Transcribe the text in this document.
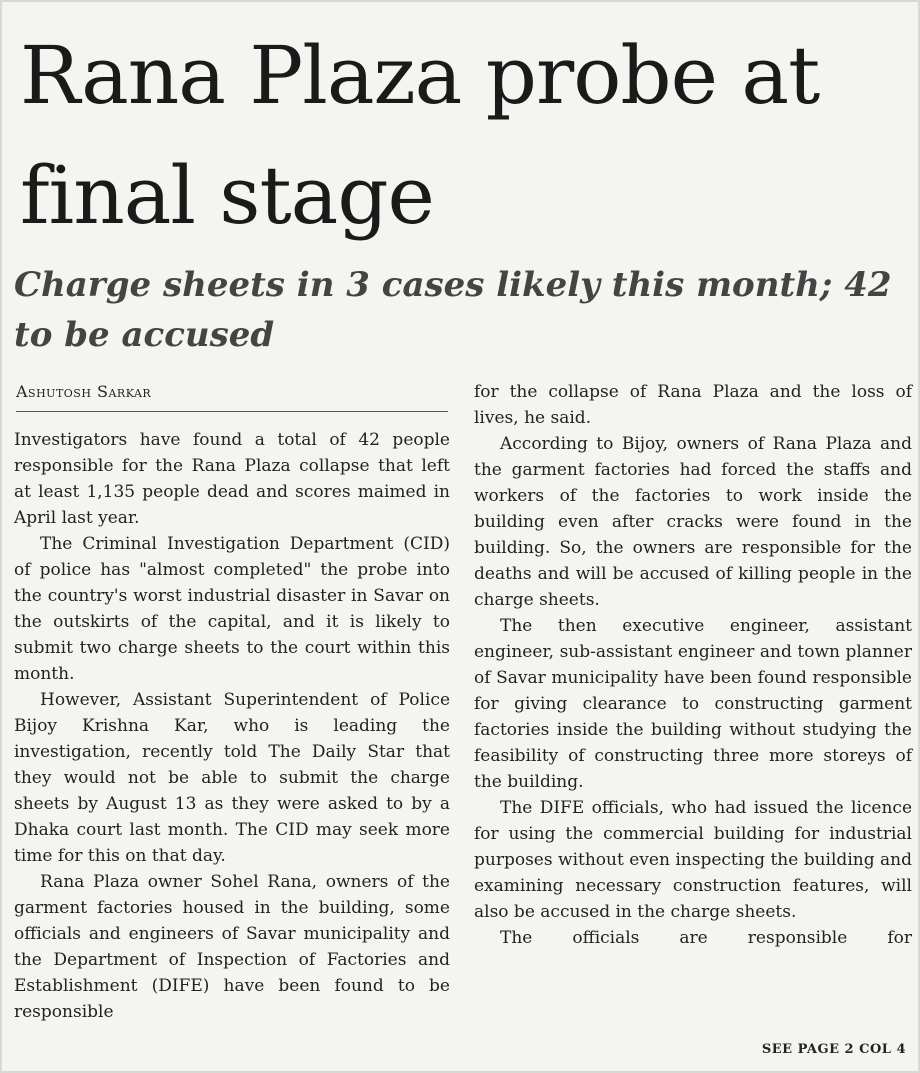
Rana Plaza probe at final stage
Charge sheets in 3 cases likely this month; 42 to be accused
Ashutosh Sarkar

Investigators have found a total of 42 people responsible for the Rana Plaza collapse that left at least 1,135 people dead and scores maimed in April last year.

The Criminal Investigation Department (CID) of police has "almost completed" the probe into the country's worst industrial disaster in Savar on the outskirts of the capital, and it is likely to submit two charge sheets to the court within this month.

However, Assistant Superintendent of Police Bijoy Krishna Kar, who is leading the investigation, recently told The Daily Star that they would not be able to submit the charge sheets by August 13 as they were asked to by a Dhaka court last month. The CID may seek more time for this on that day.

Rana Plaza owner Sohel Rana, owners of the garment factories housed in the building, some officials and engineers of Savar municipality and the Department of Inspection of Factories and Establishment (DIFE) have been found to be responsible

for the collapse of Rana Plaza and the loss of lives, he said.

According to Bijoy, owners of Rana Plaza and the garment factories had forced the staffs and workers of the factories to work inside the building even after cracks were found in the building. So, the owners are responsible for the deaths and will be accused of killing people in the charge sheets.

The then executive engineer, assistant engineer, sub-assistant engineer and town planner of Savar municipality have been found responsible for giving clearance to constructing garment factories inside the building without studying the feasibility of constructing three more storeys of the building.

The DIFE officials, who had issued the licence for using the commercial building for industrial purposes without even inspecting the building and examining necessary construction features, will also be accused in the charge sheets.

The officials are responsible for

SEE PAGE 2 COL 4
